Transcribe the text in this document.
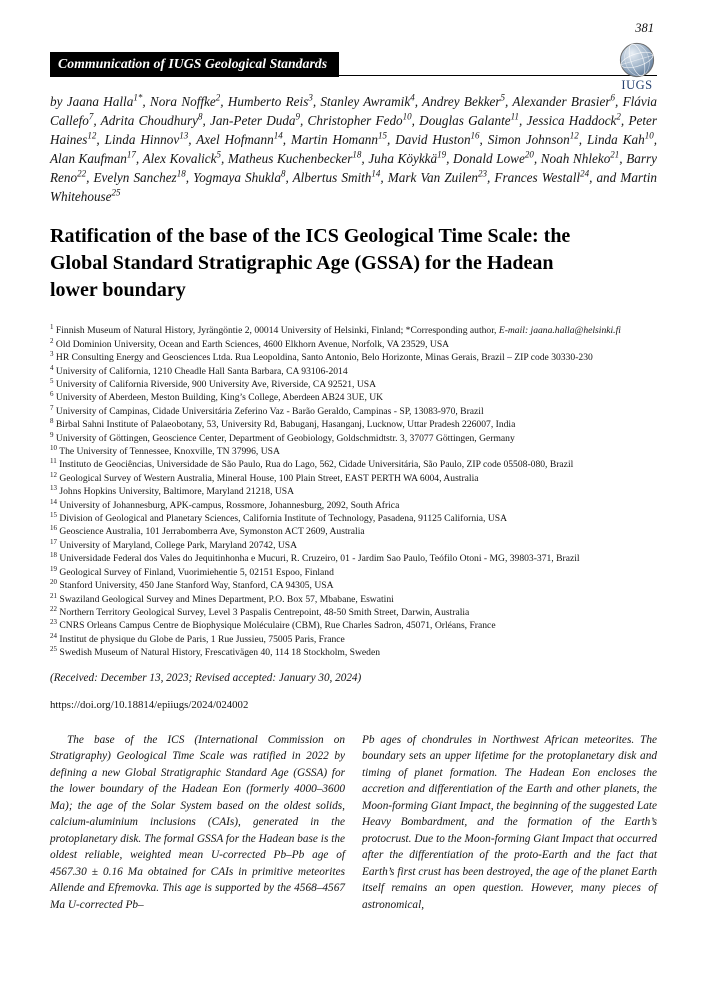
381
IUGS
Communication of IUGS Geological Standards

by Jaana Halla$^{1*}$, Nora Noffke$^2$, Humberto Reis$^3$, Stanley Awramik$^4$, Andrey Bekker$^5$, Alexander Brasier$^6$, Flávia Callefo$^7$, Adrita Choudhury$^8$, Jan-Peter Duda$^9$, Christopher Fedo$^{10}$, Douglas Galante$^{11}$, Jessica Haddock$^2$, Peter Haines$^{12}$, Linda Hinnov$^{13}$, Axel Hofmann$^{14}$, Martin Homann$^{15}$, David Huston$^{16}$, Simon Johnson$^{12}$, Linda Kah$^{10}$, Alan Kaufman$^{17}$, Alex Kovalick$^5$, Matheus Kuchenbecker$^{18}$, Juha Köykkä$^{19}$, Donald Lowe$^{20}$, Noah Nhleko$^{21}$, Barry Reno$^{22}$, Evelyn Sanchez$^{18}$, Yogmaya Shukla$^8$, Albertus Smith$^{14}$, Mark Van Zuilen$^{23}$, Frances Westall$^{24}$, and Martin Whitehouse$^{25}$

Ratification of the base of the ICS Geological Time Scale: the
Global Standard Stratigraphic Age (GSSA) for the Hadean
lower boundary
$^1$ Finnish Museum of Natural History, Jyrängöntie 2, 00014 University of Helsinki, Finland; *Corresponding author, E-mail: jaana.halla@helsinki.fi
$^2$ Old Dominion University, Ocean and Earth Sciences, 4600 Elkhorn Avenue, Norfolk, VA 23529, USA
$^3$ HR Consulting Energy and Geosciences Ltda. Rua Leopoldina, Santo Antonio, Belo Horizonte, Minas Gerais, Brazil – ZIP code 30330-230
$^4$ University of California, 1210 Cheadle Hall Santa Barbara, CA 93106-2014
$^5$ University of California Riverside, 900 University Ave, Riverside, CA 92521, USA
$^6$ University of Aberdeen, Meston Building, King’s College, Aberdeen AB24 3UE, UK
$^7$ University of Campinas, Cidade Universitária Zeferino Vaz - Barão Geraldo, Campinas - SP, 13083-970, Brazil
$^8$ Birbal Sahni Institute of Palaeobotany, 53, University Rd, Babuganj, Hasanganj, Lucknow, Uttar Pradesh 226007, India
$^9$ University of Göttingen, Geoscience Center, Department of Geobiology, Goldschmidtstr. 3, 37077 Göttingen, Germany
$^{10}$ The University of Tennessee, Knoxville, TN 37996, USA
$^{11}$ Instituto de Geociências, Universidade de São Paulo, Rua do Lago, 562, Cidade Universitária, São Paulo, ZIP code 05508-080, Brazil
$^{12}$ Geological Survey of Western Australia, Mineral House, 100 Plain Street, EAST PERTH WA 6004, Australia
$^{13}$ Johns Hopkins University, Baltimore, Maryland 21218, USA
$^{14}$ University of Johannesburg, APK-campus, Rossmore, Johannesburg, 2092, South Africa
$^{15}$ Division of Geological and Planetary Sciences, California Institute of Technology, Pasadena, 91125 California, USA
$^{16}$ Geoscience Australia, 101 Jerrabomberra Ave, Symonston ACT 2609, Australia
$^{17}$ University of Maryland, College Park, Maryland 20742, USA
$^{18}$ Universidade Federal dos Vales do Jequitinhonha e Mucuri, R. Cruzeiro, 01 - Jardim Sao Paulo, Teófilo Otoni - MG, 39803-371, Brazil
$^{19}$ Geological Survey of Finland, Vuorimiehentie 5, 02151 Espoo, Finland
$^{20}$ Stanford University, 450 Jane Stanford Way, Stanford, CA 94305, USA
$^{21}$ Swaziland Geological Survey and Mines Department, P.O. Box 57, Mbabane, Eswatini
$^{22}$ Northern Territory Geological Survey, Level 3 Paspalis Centrepoint, 48-50 Smith Street, Darwin, Australia
$^{23}$ CNRS Orleans Campus Centre de Biophysique Moléculaire (CBM), Rue Charles Sadron, 45071, Orléans, France
$^{24}$ Institut de physique du Globe de Paris, 1 Rue Jussieu, 75005 Paris, France
$^{25}$ Swedish Museum of Natural History, Frescativägen 40, 114 18 Stockholm, Sweden

(Received: December 13, 2023; Revised accepted: January 30, 2024)

https://doi.org/10.18814/epiiugs/2024/024002

The base of the ICS (International Commission on Stratigraphy) Geological Time Scale was ratified in 2022 by defining a new Global Stratigraphic Standard Age (GSSA) for the lower boundary of the Hadean Eon (formerly 4000–3600 Ma); the age of the Solar System based on the oldest solids, calcium-aluminium inclusions (CAIs), generated in the protoplanetary disk. The formal GSSA for the Hadean base is the oldest reliable, weighted mean U-corrected Pb–Pb age of 4567.30 ± 0.16 Ma obtained for CAIs in primitive meteorites Allende and Efremovka. This age is supported by the 4568–4567 Ma U-corrected Pb–

Pb ages of chondrules in Northwest African meteorites. The boundary sets an upper lifetime for the protoplanetary disk and timing of planet formation. The Hadean Eon encloses the accretion and differentiation of the Earth and other planets, the Moon-forming Giant Impact, the beginning of the suggested Late Heavy Bombardment, and the formation of the Earth’s protocrust. Due to the Moon-forming Giant Impact that occurred after the differentiation of the proto-Earth and the fact that Earth’s first crust has been destroyed, the age of the planet Earth itself remains an open question. However, many pieces of astronomical,
